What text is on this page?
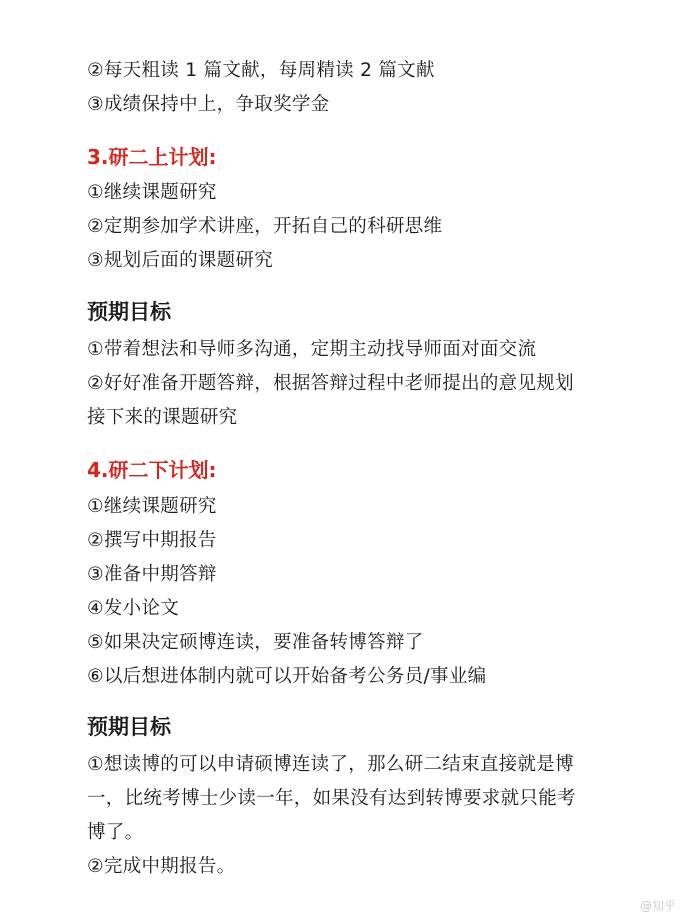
②每天粗读 1 篇文献，每周精读 2 篇文献
③成绩保持中上，争取奖学金
3.研二上计划:
①继续课题研究
②定期参加学术讲座，开拓自己的科研思维
③规划后面的课题研究
预期目标
①带着想法和导师多沟通，定期主动找导师面对面交流
②好好准备开题答辩，根据答辩过程中老师提出的意见规划
接下来的课题研究
4.研二下计划:
①继续课题研究
②撰写中期报告
③准备中期答辩
④发小论文
⑤如果决定硕博连读，要准备转博答辩了
⑥以后想进体制内就可以开始备考公务员/事业编
预期目标
①想读博的可以申请硕博连读了，那么研二结束直接就是博
一，比统考博士少读一年，如果没有达到转博要求就只能考
博了。
②完成中期报告。
@知乎
